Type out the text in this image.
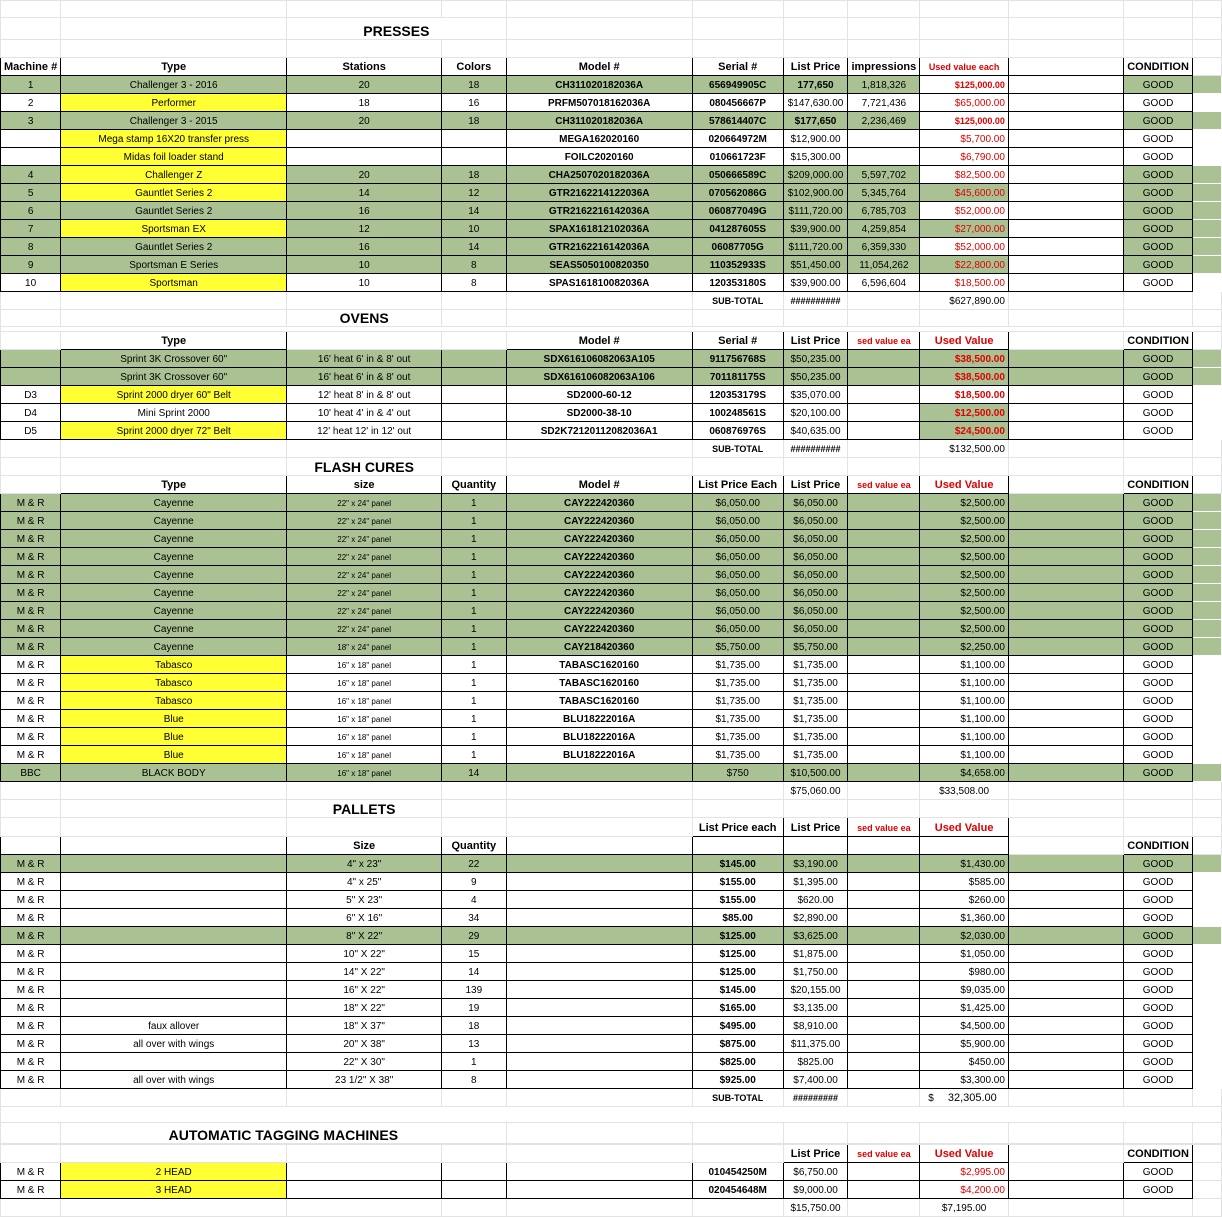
		PRESSES									

Machine #	Type	Stations	Colors	Model #	Serial #	List Price	impressions	Used value each		CONDITION	
1	Challenger 3 - 2016	20	18	CH311020182036A	656949905C	177,650	1,818,326	$125,000.00		GOOD	
2	Performer	18	16	PRFM507018162036A	080456667P	$147,630.00	7,721,436	$65,000.00		GOOD	
3	Challenger 3 - 2015	20	18	CH311020182036A	578614407C	$177,650	2,236,469	$125,000.00		GOOD	
	Mega stamp 16X20 transfer press			MEGA162020160	020664972M	$12,900.00		$5,700.00		GOOD	
	Midas foil loader stand			FOILC2020160	010661723F	$15,300.00		$6,790.00		GOOD	
4	Challenger Z	20	18	CHA2507020182036A	050666589C	$209,000.00	5,597,702	$82,500.00		GOOD	
5	Gauntlet Series 2	14	12	GTR2162214122036A	070562086G	$102,900.00	5,345,764	$45,600.00		GOOD	
6	Gauntlet Series 2	16	14	GTR2162216142036A	060877049G	$111,720.00	6,785,703	$52,000.00		GOOD	
7	Sportsman EX	12	10	SPAX161812102036A	041287605S	$39,900.00	4,259,854	$27,000.00		GOOD	
8	Gauntlet Series 2	16	14	GTR2162216142036A	06087705G	$111,720.00	6,359,330	$52,000.00		GOOD	
9	Sportsman E Series	10	8	SEAS5050100820350	110352933S	$51,450.00	11,054,262	$22,800.00		GOOD	
10	Sportsman	10	8	SPAS161810082036A	120353180S	$39,900.00	6,596,604	$18,500.00		GOOD	
					SUB-TOTAL	##########		$627,890.00			
		OVENS									

	Type			Model #	Serial #	List Price	sed value ea	Used Value		CONDITION	
	Sprint 3K Crossover 60"	16' heat 6' in & 8' out		SDX616106082063A105	911756768S	$50,235.00		$38,500.00		GOOD	
	Sprint 3K Crossover 60"	16' heat 6' in & 8' out		SDX616106082063A106	701181175S	$50,235.00		$38,500.00		GOOD	
D3	Sprint 2000 dryer 60" Belt	12' heat 8' in & 8' out		SD2000-60-12	120353179S	$35,070.00		$18,500.00		GOOD	
D4	Mini Sprint 2000	10' heat 4' in & 4' out		SD2000-38-10	100248561S	$20,100.00		$12,500.00		GOOD	
D5	Sprint 2000 dryer 72" Belt	12' heat 12' in 12' out		SD2K72120112082036A1	060876976S	$40,635.00		$24,500.00		GOOD	
					SUB-TOTAL	##########		$132,500.00			
		FLASH CURES									
	Type	size	Quantity	Model #	List Price Each	List Price	sed value ea	Used Value		CONDITION	
M & R	Cayenne	22" x 24" panel	1	CAY222420360	$6,050.00	$6,050.00		$2,500.00		GOOD	
M & R	Cayenne	22" x 24" panel	1	CAY222420360	$6,050.00	$6,050.00		$2,500.00		GOOD	
M & R	Cayenne	22" x 24" panel	1	CAY222420360	$6,050.00	$6,050.00		$2,500.00		GOOD	
M & R	Cayenne	22" x 24" panel	1	CAY222420360	$6,050.00	$6,050.00		$2,500.00		GOOD	
M & R	Cayenne	22" x 24" panel	1	CAY222420360	$6,050.00	$6,050.00		$2,500.00		GOOD	
M & R	Cayenne	22" x 24" panel	1	CAY222420360	$6,050.00	$6,050.00		$2,500.00		GOOD	
M & R	Cayenne	22" x 24" panel	1	CAY222420360	$6,050.00	$6,050.00		$2,500.00		GOOD	
M & R	Cayenne	22" x 24" panel	1	CAY222420360	$6,050.00	$6,050.00		$2,500.00		GOOD	
M & R	Cayenne	18" x 24" panel	1	CAY218420360	$5,750.00	$5,750.00		$2,250.00		GOOD	
M & R	Tabasco	16" x 18" panel	1	TABASC1620160	$1,735.00	$1,735.00		$1,100.00		GOOD	
M & R	Tabasco	16" x 18" panel	1	TABASC1620160	$1,735.00	$1,735.00		$1,100.00		GOOD	
M & R	Tabasco	16" x 18" panel	1	TABASC1620160	$1,735.00	$1,735.00		$1,100.00		GOOD	
M & R	Blue	16" x 18" panel	1	BLU18222016A	$1,735.00	$1,735.00		$1,100.00		GOOD	
M & R	Blue	16" x 18" panel	1	BLU18222016A	$1,735.00	$1,735.00		$1,100.00		GOOD	
M & R	Blue	16" x 18" panel	1	BLU18222016A	$1,735.00	$1,735.00		$1,100.00		GOOD	
BBC	BLACK BODY	16" x 18" panel	14		$750	$10,500.00		$4,658.00		GOOD	
						$75,060.00		$33,508.00			
		PALLETS									
					List Price each	List Price	sed value ea	Used Value			
		Size	Quantity							CONDITION	
M & R		4" x 23"	22		$145.00	$3,190.00		$1,430.00		GOOD	
M & R		4" x 25"	9		$155.00	$1,395.00		$585.00		GOOD	
M & R		5" X 23"	4		$155.00	$620.00		$260.00		GOOD	
M & R		6" X 16"	34		$85.00	$2,890.00		$1,360.00		GOOD	
M & R		8" X 22"	29		$125.00	$3,625.00		$2,030.00		GOOD	
M & R		10" X 22"	15		$125.00	$1,875.00		$1,050.00		GOOD	
M & R		14" X 22"	14		$125.00	$1,750.00		$980.00		GOOD	
M & R		16" X 22"	139		$145.00	$20,155.00		$9,035.00		GOOD	
M & R		18" X 22"	19		$165.00	$3,135.00		$1,425.00		GOOD	
M & R	faux allover	18" X 37"	18		$495.00	$8,910.00		$4,500.00		GOOD	
M & R	all over with wings	20" X 38"	13		$875.00	$11,375.00		$5,900.00		GOOD	
M & R		22" X 30"	1		$825.00	$825.00		$450.00		GOOD	
M & R	all over with wings	23 1/2" X 38"	8		$925.00	$7,400.00		$3,300.00		GOOD	
					SUB-TOTAL	#########		$ 32,305.00			

	AUTOMATIC TAGGING MACHINES										

						List Price	sed value ea	Used Value		CONDITION	
M & R	2 HEAD				010454250M	$6,750.00		$2,995.00		GOOD	
M & R	3 HEAD				020454648M	$9,000.00		$4,200.00		GOOD	
						$15,750.00		$7,195.00			
